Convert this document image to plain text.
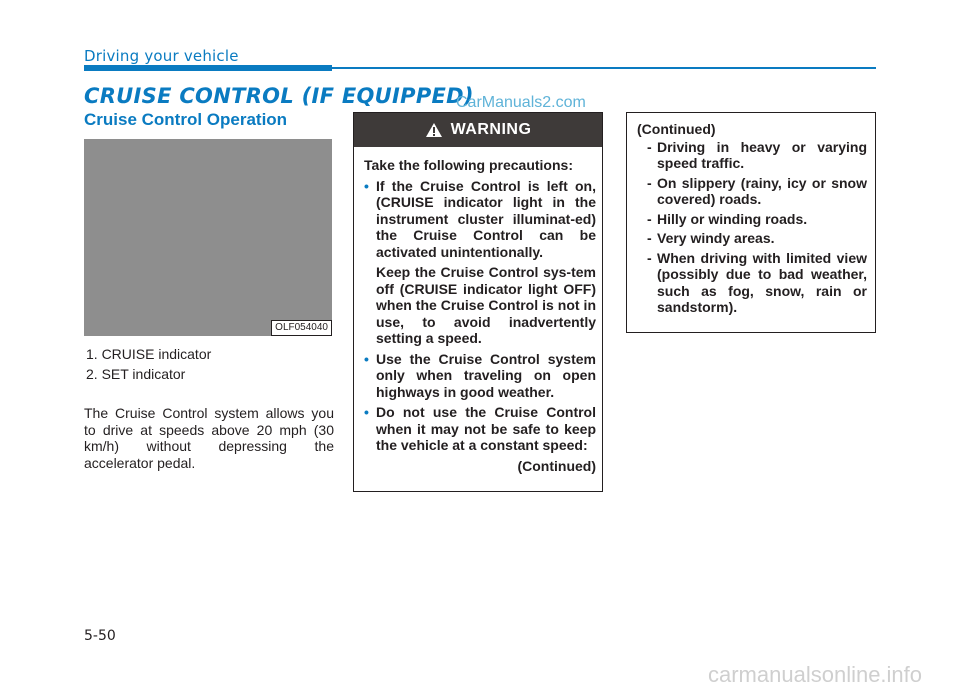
Driving your vehicle
CRUISE CONTROL (IF EQUIPPED)
CarManuals2.com
Cruise Control Operation
OLF054040
1. CRUISE indicator
2. SET indicator
The Cruise Control system allows you to drive at speeds above 20 mph (30 km/h) without depressing the accelerator pedal.
WARNING

Take the following precautions:

• If the Cruise Control is left on, (CRUISE indicator light in the instrument cluster illuminat-ed) the Cruise Control can be activated unintentionally.
Keep the Cruise Control sys-tem off (CRUISE indicator light OFF) when the Cruise Control is not in use, to avoid inadvertently setting a speed.
• Use the Cruise Control system only when traveling on open highways in good weather.
• Do not use the Cruise Control when it may not be safe to keep the vehicle at a constant speed:
(Continued)
(Continued)
- Driving in heavy or varying speed traffic.
- On slippery (rainy, icy or snow covered) roads.
- Hilly or winding roads.
- Very windy areas.
- When driving with limited view (possibly due to bad weather, such as fog, snow, rain or sandstorm).
5-50
carmanualsonline.info
